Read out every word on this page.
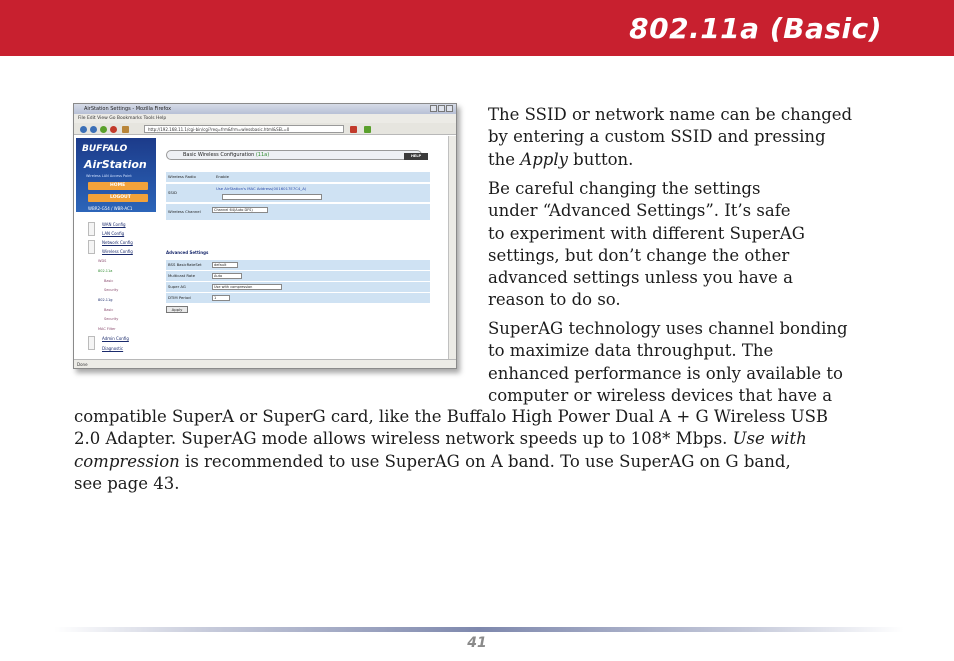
802.11a (Basic)
AirStation Settings - Mozilla Firefox
File Edit View Go Bookmarks Tools Help
http://192.168.11.1/cgi-bin/cgi?req=frm&frm=wlessbasic.html&SEL=0
BUFFALO
AirStation
Wireless LAN Access Point
WBR2-G54 / WBR-AC1
HOME
LOGOUT
WAN Config
LAN Config
Network Config
Wireless Config
WDS
802.11a
Basic
Security
802.11g
Basic
Security
MAC Filter
Admin Config
Diagnostic
Basic Wireless Configuration (11a)	HELP
Wireless Radio	Enable
SSID
Use AirStation's MAC Address(0016017E7C4_A)
Wireless Channel	Channel 64(Auto DFS)
Advanced Settings
BSS BasicRateSet	default
Multicast Rate	Auto
Super AG	Use with compression
DTIM Period	1
Apply
Done
The SSID or network name can be changed
by entering a custom SSID and pressing
the Apply button.
Be careful changing the settings
under “Advanced Settings”. It’s safe
to experiment with different SuperAG
settings, but don’t change the other
advanced settings unless you have a
reason to do so.
SuperAG technology uses channel bonding
to maximize data throughput. The
enhanced performance is only available to
computer or wireless devices that have a
compatible SuperA or SuperG card, like the Buffalo High Power Dual A + G Wireless USB
2.0 Adapter. SuperAG mode allows wireless network speeds up to 108* Mbps. Use with
compression is recommended to use SuperAG on A band. To use SuperAG on G band,
see page 43.
41
